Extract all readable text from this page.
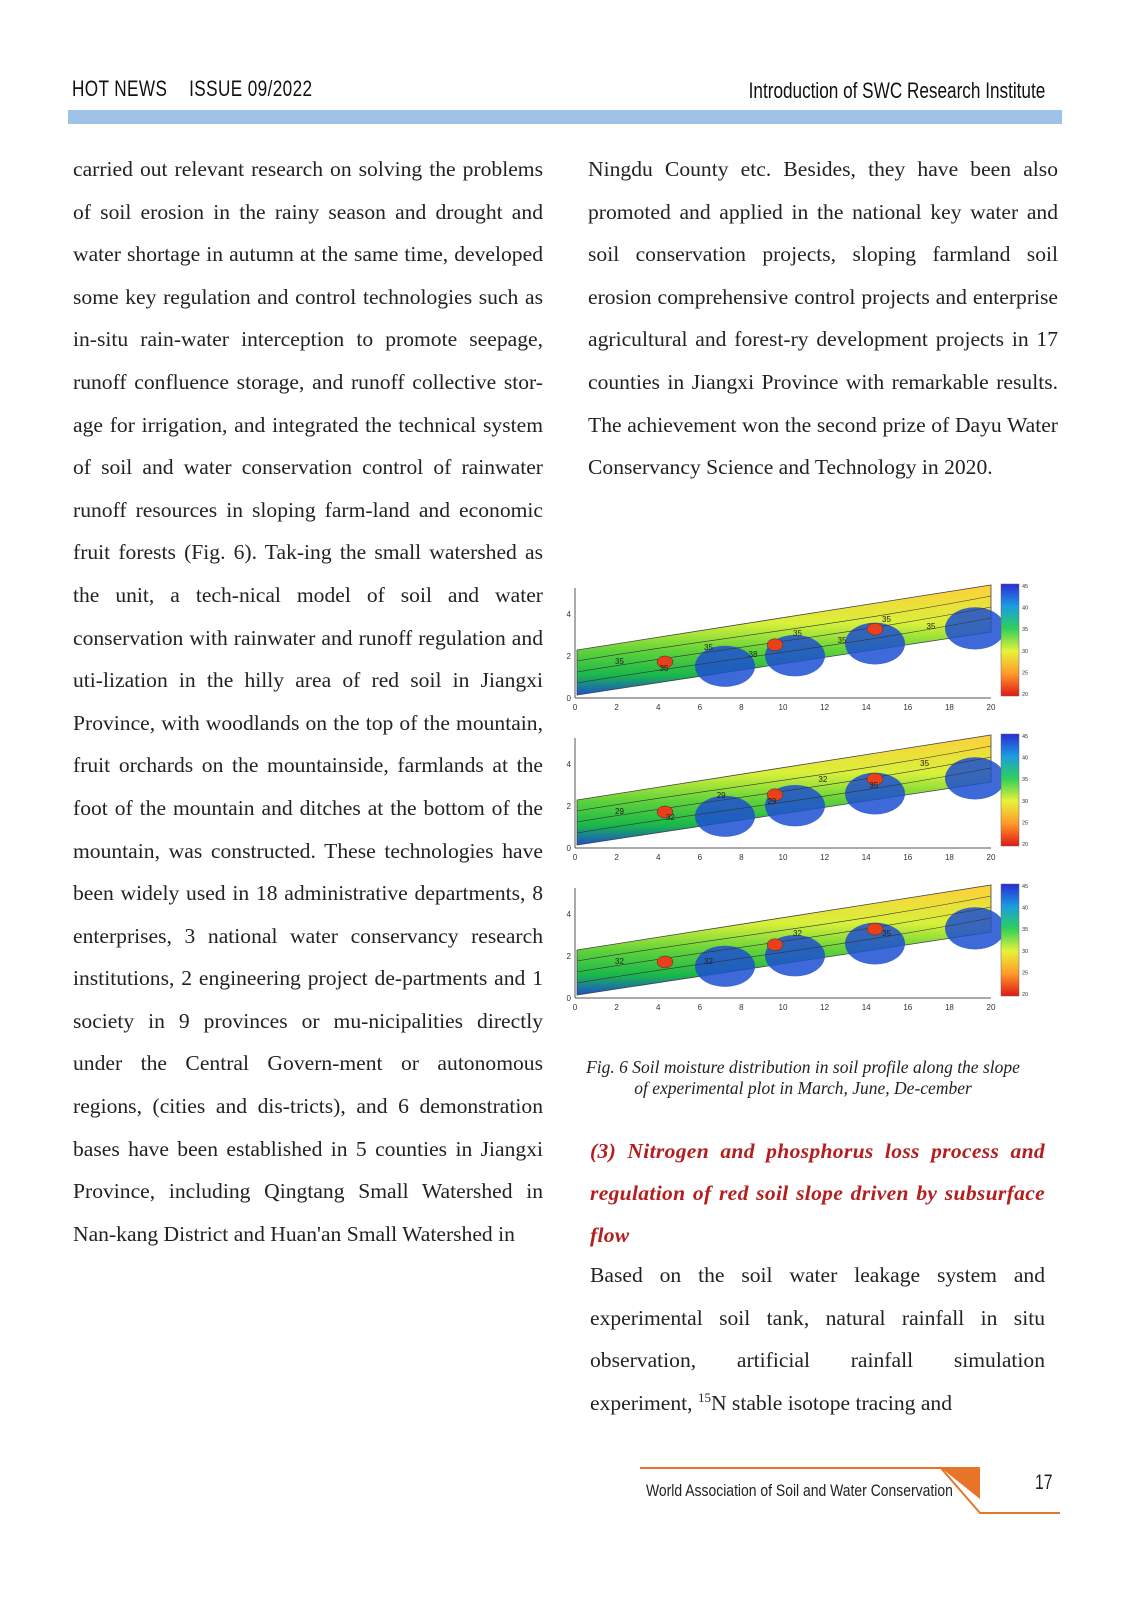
HOT NEWS ISSUE 09/2022	Introduction of SWC Research Institute
carried out relevant research on solving the problems of soil erosion in the rainy season and drought and water shortage in autumn at the same time, developed some key regulation and control technologies such as in-situ rain-water interception to promote seepage, runoff confluence storage, and runoff collective stor-age for irrigation, and integrated the technical system of soil and water conservation control of rainwater runoff resources in sloping farm-land and economic fruit forests (Fig. 6). Tak-ing the small watershed as the unit, a tech-nical model of soil and water conservation with rainwater and runoff regulation and uti-lization in the hilly area of red soil in Jiangxi Province, with woodlands on the top of the mountain, fruit orchards on the mountainside, farmlands at the foot of the mountain and ditches at the bottom of the mountain, was constructed. These technologies have been widely used in 18 administrative departments, 8 enterprises, 3 national water conservancy research institutions, 2 engineering project de-partments and 1 society in 9 provinces or mu-nicipalities directly under the Central Govern-ment or autonomous regions, (cities and dis-tricts), and 6 demonstration bases have been established in 5 counties in Jiangxi Province, including Qingtang Small Watershed in Nan-kang District and Huan'an Small Watershed in
Ningdu County etc. Besides, they have been also promoted and applied in the national key water and soil conservation projects, sloping farmland soil erosion comprehensive control projects and enterprise agricultural and forest-ry development projects in 17 counties in Jiangxi Province with remarkable results. The achievement won the second prize of Dayu Water Conservancy Science and Technology in 2020.
35
35
35
38
35
35
35
35
0	2	4	6	8	10	12	14	16	18	20
0
2
4
45
40
35
30
25
20
29
32
29
29
32
35
35
0	2	4	6	8	10	12	14	16	18	20
0
2
4
45
40
35
30
25
20
32	32
32	35
0	2	4	6	8	10	12	14	16	18	20
0
2
4
45
40
35
30
25
20
Fig. 6 Soil moisture distribution in soil profile along the slope of experimental plot in March, June, De-cember
(3) Nitrogen and phosphorus loss process and regulation of red soil slope driven by subsurface flow
Based on the soil water leakage system and experimental soil tank, natural rainfall in situ observation, artificial rainfall simulation experiment, $^{15}$N stable isotope tracing and
World Association of Soil and Water Conservation	17
